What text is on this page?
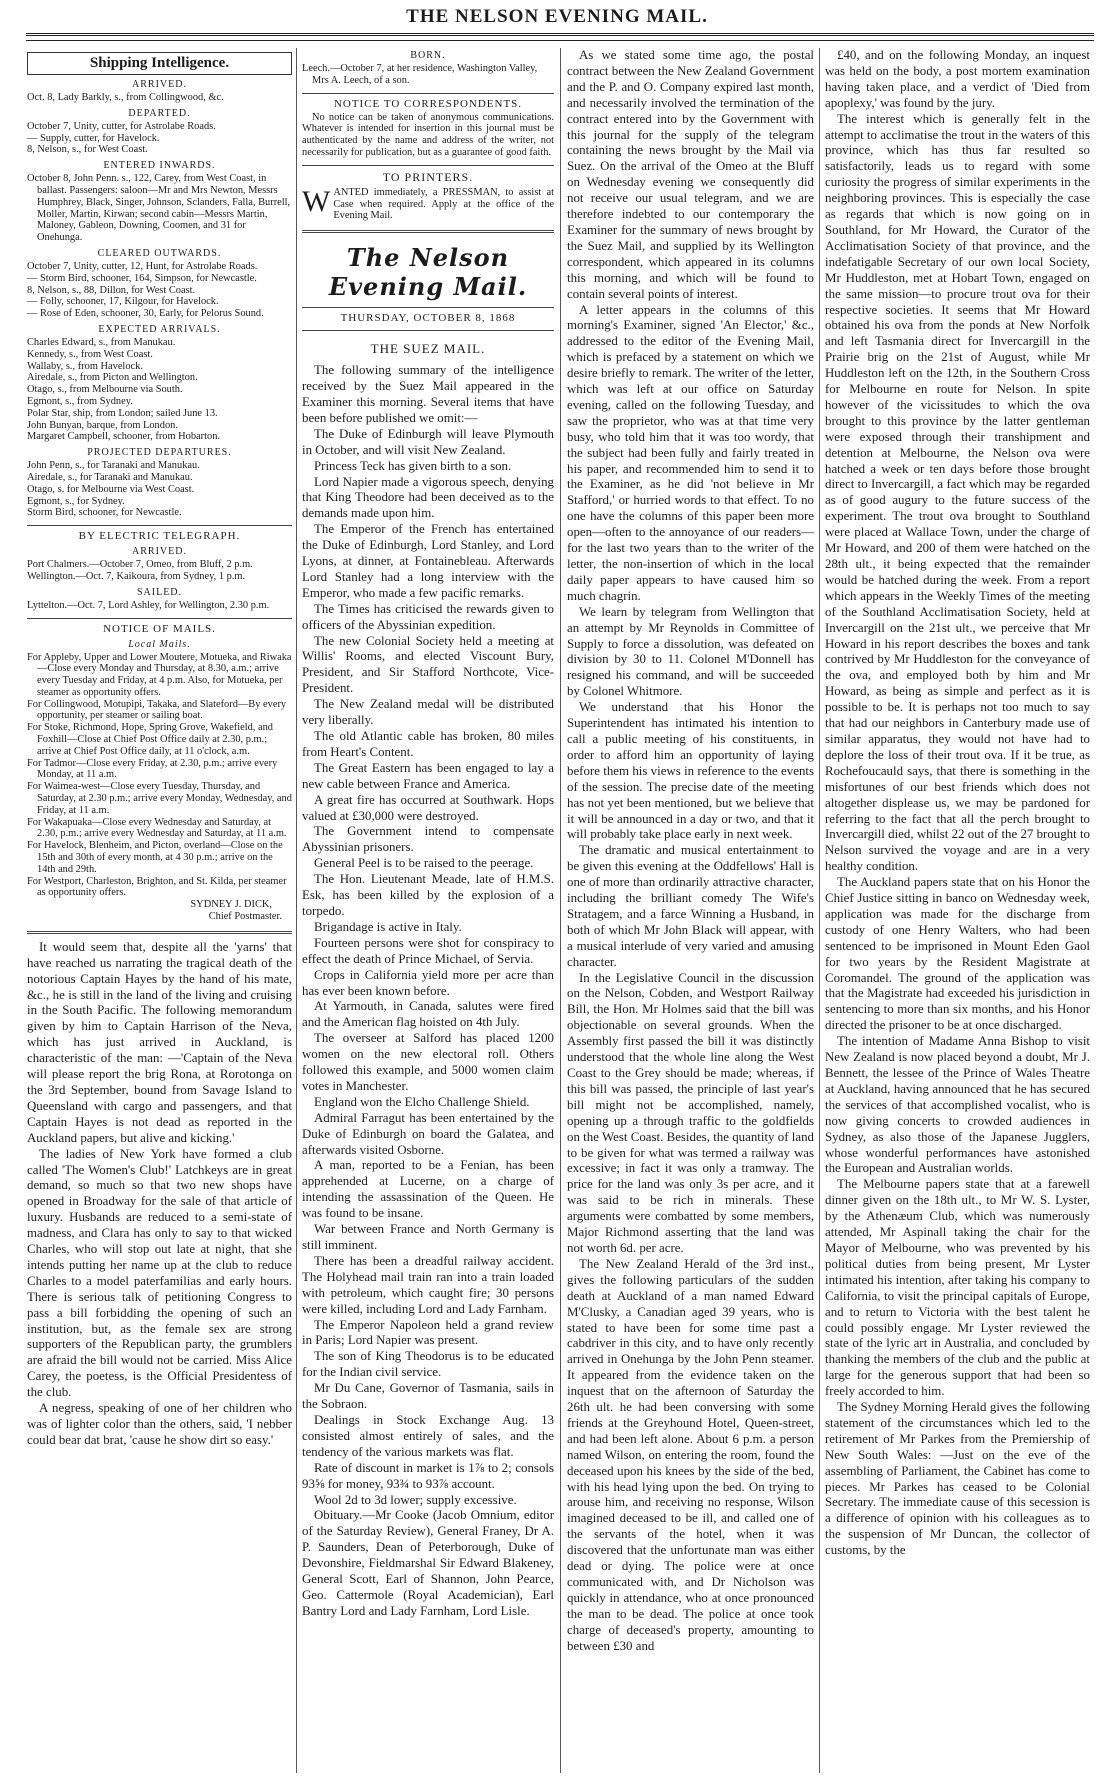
THE NELSON EVENING MAIL.
Shipping Intelligence.
ARRIVED.

Oct. 8, Lady Barkly, s., from Collingwood, &c.

DEPARTED.

October 7, Unity, cutter, for Astrolabe Roads.

— Supply, cutter, for Havelock.

8, Nelson, s., for West Coast.

ENTERED INWARDS.

October 8, John Penn. s., 122, Carey, from West Coast, in ballast. Passengers: saloon—Mr and Mrs Newton, Messrs Humphrey, Black, Singer, Johnson, Sclanders, Falla, Burrell, Moller, Martin, Kirwan; second cabin—Messrs Martin, Maloney, Gableon, Downing, Coomen, and 31 for Onehunga.

CLEARED OUTWARDS.

October 7, Unity, cutter, 12, Hunt, for Astrolabe Roads.

— Storm Bird, schooner, 164, Simpson, for Newcastle.

8, Nelson, s., 88, Dillon, for West Coast.

— Folly, schooner, 17, Kilgour, for Havelock.

— Rose of Eden, schooner, 30, Early, for Pelorus Sound.

EXPECTED ARRIVALS.

Charles Edward, s., from Manukau.

Kennedy, s., from West Coast.

Wallaby, s., from Havelock.

Airedale, s., from Picton and Wellington.

Otago, s., from Melbourne via South.

Egmont, s., from Sydney.

Polar Star, ship, from London; sailed June 13.

John Bunyan, barque, from London.

Margaret Campbell, schooner, from Hobarton.

PROJECTED DEPARTURES.

John Penn, s., for Taranaki and Manukau.

Airedale, s., for Taranaki and Manukau.

Otago, s. for Melbourne via West Coast.

Egmont, s., for Sydney.

Storm Bird, schooner, for Newcastle.

BY ELECTRIC TELEGRAPH.
ARRIVED.

Port Chalmers.—October 7, Omeo, from Bluff, 2 p.m.

Wellington.—Oct. 7, Kaikoura, from Sydney, 1 p.m.

SAILED.

Lyttelton.—Oct. 7, Lord Ashley, for Wellington, 2.30 p.m.

NOTICE OF MAILS.
Local Mails.

For Appleby, Upper and Lower Moutere, Motueka, and Riwaka—Close every Monday and Thursday, at 8.30, a.m.; arrive every Tuesday and Friday, at 4 p.m. Also, for Motueka, per steamer as opportunity offers.

For Collingwood, Motupipi, Takaka, and Slateford—By every opportunity, per steamer or sailing boat.

For Stoke, Richmond, Hope, Spring Grove, Wakefield, and Foxhill—Close at Chief Post Office daily at 2.30, p.m.; arrive at Chief Post Office daily, at 11 o'clock, a.m.

For Tadmor—Close every Friday, at 2.30, p.m.; arrive every Monday, at 11 a.m.

For Waimea-west—Close every Tuesday, Thursday, and Saturday, at 2.30 p.m.; arrive every Monday, Wednesday, and Friday, at 11 a.m.

For Wakapuaka—Close every Wednesday and Saturday, at 2.30, p.m.; arrive every Wednesday and Saturday, at 11 a.m.

For Havelock, Blenheim, and Picton, overland—Close on the 15th and 30th of every month, at 4 30 p.m.; arrive on the 14th and 29th.

For Westport, Charleston, Brighton, and St. Kilda, per steamer as opportunity offers.

SYDNEY J. DICK,

Chief Postmaster.

It would seem that, despite all the 'yarns' that have reached us narrating the tragical death of the notorious Captain Hayes by the hand of his mate, &c., he is still in the land of the living and cruising in the South Pacific. The following memorandum given by him to Captain Harrison of the Neva, which has just arrived in Auckland, is characteristic of the man: —'Captain of the Neva will please report the brig Rona, at Rorotonga on the 3rd September, bound from Savage Island to Queensland with cargo and passengers, and that Captain Hayes is not dead as reported in the Auckland papers, but alive and kicking.'

The ladies of New York have formed a club called 'The Women's Club!' Latchkeys are in great demand, so much so that two new shops have opened in Broadway for the sale of that article of luxury. Husbands are reduced to a semi-state of madness, and Clara has only to say to that wicked Charles, who will stop out late at night, that she intends putting her name up at the club to reduce Charles to a model paterfamilias and early hours. There is serious talk of petitioning Congress to pass a bill forbidding the opening of such an institution, but, as the female sex are strong supporters of the Republican party, the grumblers are afraid the bill would not be carried. Miss Alice Carey, the poetess, is the Official Presidentess of the club.

A negress, speaking of one of her children who was of lighter color than the others, said, 'I nebber could bear dat brat, 'cause he show dirt so easy.'

BORN.

Leech.—October 7, at her residence, Washington Valley, Mrs A. Leech, of a son.

NOTICE TO CORRESPONDENTS.

No notice can be taken of anonymous communications. Whatever is intended for insertion in this journal must be authenticated by the name and address of the writer, not necessarily for publication, but as a guarantee of good faith.

TO PRINTERS.

WANTED immediately, a PRESSMAN, to assist at Case when required. Apply at the office of the Evening Mail.

The Nelson Evening Mail.
THURSDAY, OCTOBER 8, 1868
THE SUEZ MAIL.

The following summary of the intelligence received by the Suez Mail appeared in the Examiner this morning. Several items that have been before published we omit:—

The Duke of Edinburgh will leave Plymouth in October, and will visit New Zealand.

Princess Teck has given birth to a son.

Lord Napier made a vigorous speech, denying that King Theodore had been deceived as to the demands made upon him.

The Emperor of the French has entertained the Duke of Edinburgh, Lord Stanley, and Lord Lyons, at dinner, at Fontainebleau. Afterwards Lord Stanley had a long interview with the Emperor, who made a few pacific remarks.

The Times has criticised the rewards given to officers of the Abyssinian expedition.

The new Colonial Society held a meeting at Willis' Rooms, and elected Viscount Bury, President, and Sir Stafford Northcote, Vice-President.

The New Zealand medal will be distributed very liberally.

The old Atlantic cable has broken, 80 miles from Heart's Content.

The Great Eastern has been engaged to lay a new cable between France and America.

A great fire has occurred at Southwark. Hops valued at £30,000 were destroyed.

The Government intend to compensate Abyssinian prisoners.

General Peel is to be raised to the peerage.

The Hon. Lieutenant Meade, late of H.M.S. Esk, has been killed by the explosion of a torpedo.

Brigandage is active in Italy.

Fourteen persons were shot for conspiracy to effect the death of Prince Michael, of Servia.

Crops in California yield more per acre than has ever been known before.

At Yarmouth, in Canada, salutes were fired and the American flag hoisted on 4th July.

The overseer at Salford has placed 1200 women on the new electoral roll. Others followed this example, and 5000 women claim votes in Manchester.

England won the Elcho Challenge Shield.

Admiral Farragut has been entertained by the Duke of Edinburgh on board the Galatea, and afterwards visited Osborne.

A man, reported to be a Fenian, has been apprehended at Lucerne, on a charge of intending the assassination of the Queen. He was found to be insane.

War between France and North Germany is still imminent.

There has been a dreadful railway accident. The Holyhead mail train ran into a train loaded with petroleum, which caught fire; 30 persons were killed, including Lord and Lady Farnham.

The Emperor Napoleon held a grand review in Paris; Lord Napier was present.

The son of King Theodorus is to be educated for the Indian civil service.

Mr Du Cane, Governor of Tasmania, sails in the Sobraon.

Dealings in Stock Exchange Aug. 13 consisted almost entirely of sales, and the tendency of the various markets was flat.

Rate of discount in market is 1⅞ to 2; consols 93⅝ for money, 93¾ to 93⅞ account.

Wool 2d to 3d lower; supply excessive.

Obituary.—Mr Cooke (Jacob Omnium, editor of the Saturday Review), General Franey, Dr A. P. Saunders, Dean of Peterborough, Duke of Devonshire, Fieldmarshal Sir Edward Blakeney, General Scott, Earl of Shannon, John Pearce, Geo. Cattermole (Royal Academician), Earl Bantry Lord and Lady Farnham, Lord Lisle.

As we stated some time ago, the postal contract between the New Zealand Government and the P. and O. Company expired last month, and necessarily involved the termination of the contract entered into by the Government with this journal for the supply of the telegram containing the news brought by the Mail via Suez. On the arrival of the Omeo at the Bluff on Wednesday evening we consequently did not receive our usual telegram, and we are therefore indebted to our contemporary the Examiner for the summary of news brought by the Suez Mail, and supplied by its Wellington correspondent, which appeared in its columns this morning, and which will be found to contain several points of interest.

A letter appears in the columns of this morning's Examiner, signed 'An Elector,' &c., addressed to the editor of the Evening Mail, which is prefaced by a statement on which we desire briefly to remark. The writer of the letter, which was left at our office on Saturday evening, called on the following Tuesday, and saw the proprietor, who was at that time very busy, who told him that it was too wordy, that the subject had been fully and fairly treated in his paper, and recommended him to send it to the Examiner, as he did 'not believe in Mr Stafford,' or hurried words to that effect. To no one have the columns of this paper been more open—often to the annoyance of our readers—for the last two years than to the writer of the letter, the non-insertion of which in the local daily paper appears to have caused him so much chagrin.

We learn by telegram from Wellington that an attempt by Mr Reynolds in Committee of Supply to force a dissolution, was defeated on division by 30 to 11. Colonel M'Donnell has resigned his command, and will be succeeded by Colonel Whitmore.

We understand that his Honor the Superintendent has intimated his intention to call a public meeting of his constituents, in order to afford him an opportunity of laying before them his views in reference to the events of the session. The precise date of the meeting has not yet been mentioned, but we believe that it will be announced in a day or two, and that it will probably take place early in next week.

The dramatic and musical entertainment to be given this evening at the Oddfellows' Hall is one of more than ordinarily attractive character, including the brilliant comedy The Wife's Stratagem, and a farce Winning a Husband, in both of which Mr John Black will appear, with a musical interlude of very varied and amusing character.

In the Legislative Council in the discussion on the Nelson, Cobden, and Westport Railway Bill, the Hon. Mr Holmes said that the bill was objectionable on several grounds. When the Assembly first passed the bill it was distinctly understood that the whole line along the West Coast to the Grey should be made; whereas, if this bill was passed, the principle of last year's bill might not be accomplished, namely, opening up a through traffic to the goldfields on the West Coast. Besides, the quantity of land to be given for what was termed a railway was excessive; in fact it was only a tramway. The price for the land was only 3s per acre, and it was said to be rich in minerals. These arguments were combatted by some members, Major Richmond asserting that the land was not worth 6d. per acre.

The New Zealand Herald of the 3rd inst., gives the following particulars of the sudden death at Auckland of a man named Edward M'Clusky, a Canadian aged 39 years, who is stated to have been for some time past a cabdriver in this city, and to have only recently arrived in Onehunga by the John Penn steamer. It appeared from the evidence taken on the inquest that on the afternoon of Saturday the 26th ult. he had been conversing with some friends at the Greyhound Hotel, Queen-street, and had been left alone. About 6 p.m. a person named Wilson, on entering the room, found the deceased upon his knees by the side of the bed, with his head lying upon the bed. On trying to arouse him, and receiving no response, Wilson imagined deceased to be ill, and called one of the servants of the hotel, when it was discovered that the unfortunate man was either dead or dying. The police were at once communicated with, and Dr Nicholson was quickly in attendance, who at once pronounced the man to be dead. The police at once took charge of deceased's property, amounting to between £30 and

£40, and on the following Monday, an inquest was held on the body, a post mortem examination having taken place, and a verdict of 'Died from apoplexy,' was found by the jury.

The interest which is generally felt in the attempt to acclimatise the trout in the waters of this province, which has thus far resulted so satisfactorily, leads us to regard with some curiosity the progress of similar experiments in the neighboring provinces. This is especially the case as regards that which is now going on in Southland, for Mr Howard, the Curator of the Acclimatisation Society of that province, and the indefatigable Secretary of our own local Society, Mr Huddleston, met at Hobart Town, engaged on the same mission—to procure trout ova for their respective societies. It seems that Mr Howard obtained his ova from the ponds at New Norfolk and left Tasmania direct for Invercargill in the Prairie brig on the 21st of August, while Mr Huddleston left on the 12th, in the Southern Cross for Melbourne en route for Nelson. In spite however of the vicissitudes to which the ova brought to this province by the latter gentleman were exposed through their transhipment and detention at Melbourne, the Nelson ova were hatched a week or ten days before those brought direct to Invercargill, a fact which may be regarded as of good augury to the future success of the experiment. The trout ova brought to Southland were placed at Wallace Town, under the charge of Mr Howard, and 200 of them were hatched on the 28th ult., it being expected that the remainder would be hatched during the week. From a report which appears in the Weekly Times of the meeting of the Southland Acclimatisation Society, held at Invercargill on the 21st ult., we perceive that Mr Howard in his report describes the boxes and tank contrived by Mr Huddleston for the conveyance of the ova, and employed both by him and Mr Howard, as being as simple and perfect as it is possible to be. It is perhaps not too much to say that had our neighbors in Canterbury made use of similar apparatus, they would not have had to deplore the loss of their trout ova. If it be true, as Rochefoucauld says, that there is something in the misfortunes of our best friends which does not altogether displease us, we may be pardoned for referring to the fact that all the perch brought to Invercargill died, whilst 22 out of the 27 brought to Nelson survived the voyage and are in a very healthy condition.

The Auckland papers state that on his Honor the Chief Justice sitting in banco on Wednesday week, application was made for the discharge from custody of one Henry Walters, who had been sentenced to be imprisoned in Mount Eden Gaol for two years by the Resident Magistrate at Coromandel. The ground of the application was that the Magistrate had exceeded his jurisdiction in sentencing to more than six months, and his Honor directed the prisoner to be at once discharged.

The intention of Madame Anna Bishop to visit New Zealand is now placed beyond a doubt, Mr J. Bennett, the lessee of the Prince of Wales Theatre at Auckland, having announced that he has secured the services of that accomplished vocalist, who is now giving concerts to crowded audiences in Sydney, as also those of the Japanese Jugglers, whose wonderful performances have astonished the European and Australian worlds.

The Melbourne papers state that at a farewell dinner given on the 18th ult., to Mr W. S. Lyster, by the Athenæum Club, which was numerously attended, Mr Aspinall taking the chair for the Mayor of Melbourne, who was prevented by his political duties from being present, Mr Lyster intimated his intention, after taking his company to California, to visit the principal capitals of Europe, and to return to Victoria with the best talent he could possibly engage. Mr Lyster reviewed the state of the lyric art in Australia, and concluded by thanking the members of the club and the public at large for the generous support that had been so freely accorded to him.

The Sydney Morning Herald gives the following statement of the circumstances which led to the retirement of Mr Parkes from the Premiership of New South Wales: —Just on the eve of the assembling of Parliament, the Cabinet has come to pieces. Mr Parkes has ceased to be Colonial Secretary. The immediate cause of this secession is a difference of opinion with his colleagues as to the suspension of Mr Duncan, the collector of customs, by the
